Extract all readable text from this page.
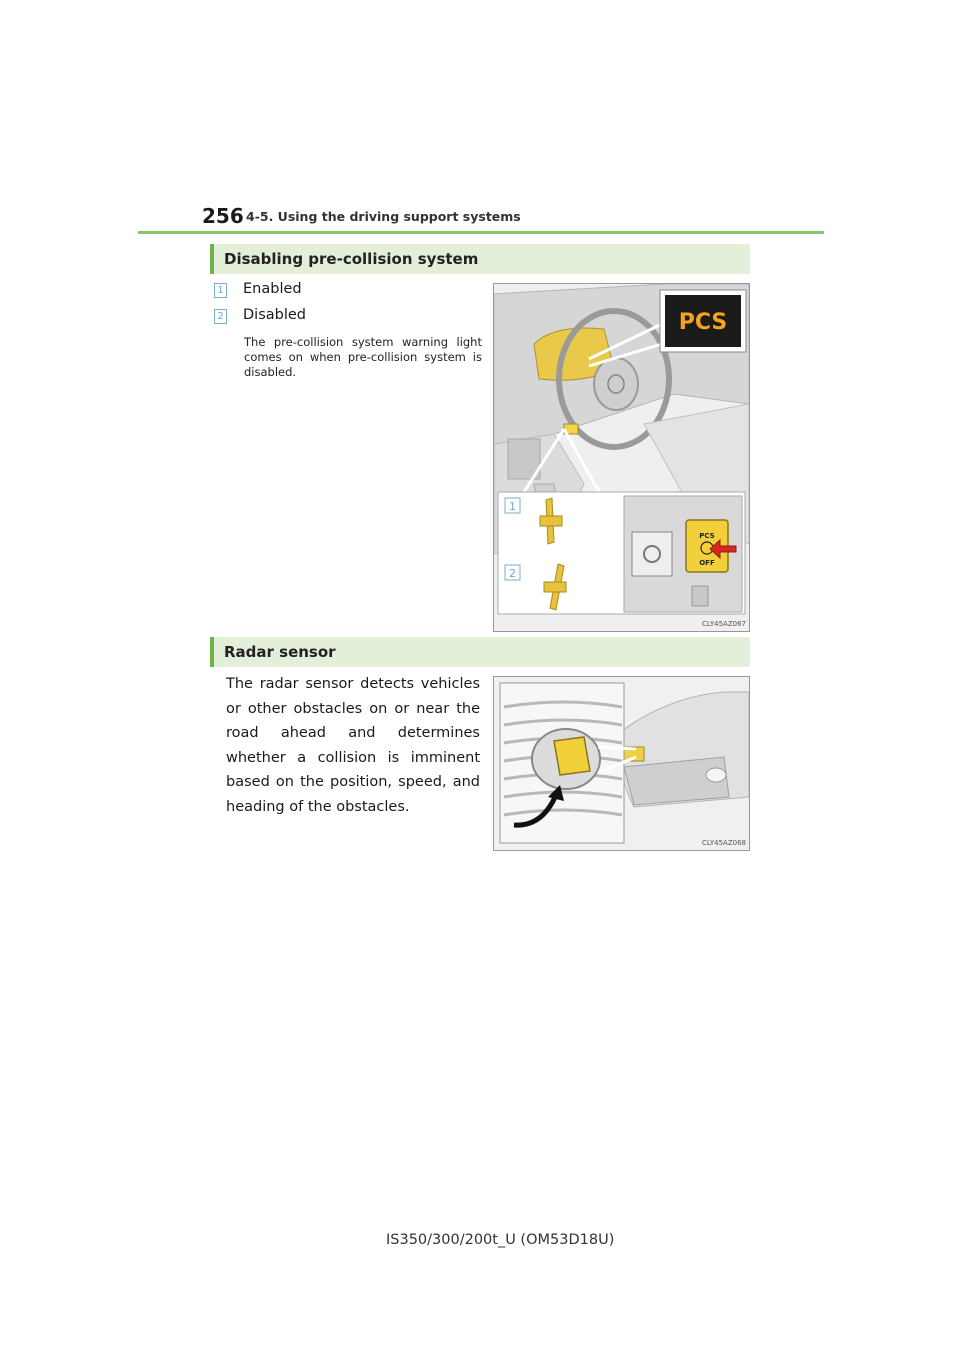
256 4-5. Using the driving support systems
Disabling pre-collision system
1 Enabled
2 Disabled
The pre-collision system warning light comes on when pre-collision system is disabled.
PCS
1
2
PCS
OFF
CLY45AZ067
Radar sensor
The radar sensor detects vehicles or other obstacles on or near the road ahead and determines whether a collision is imminent based on the position, speed, and heading of the obstacles.
CLY45AZ068
IS350/300/200t_U (OM53D18U)
